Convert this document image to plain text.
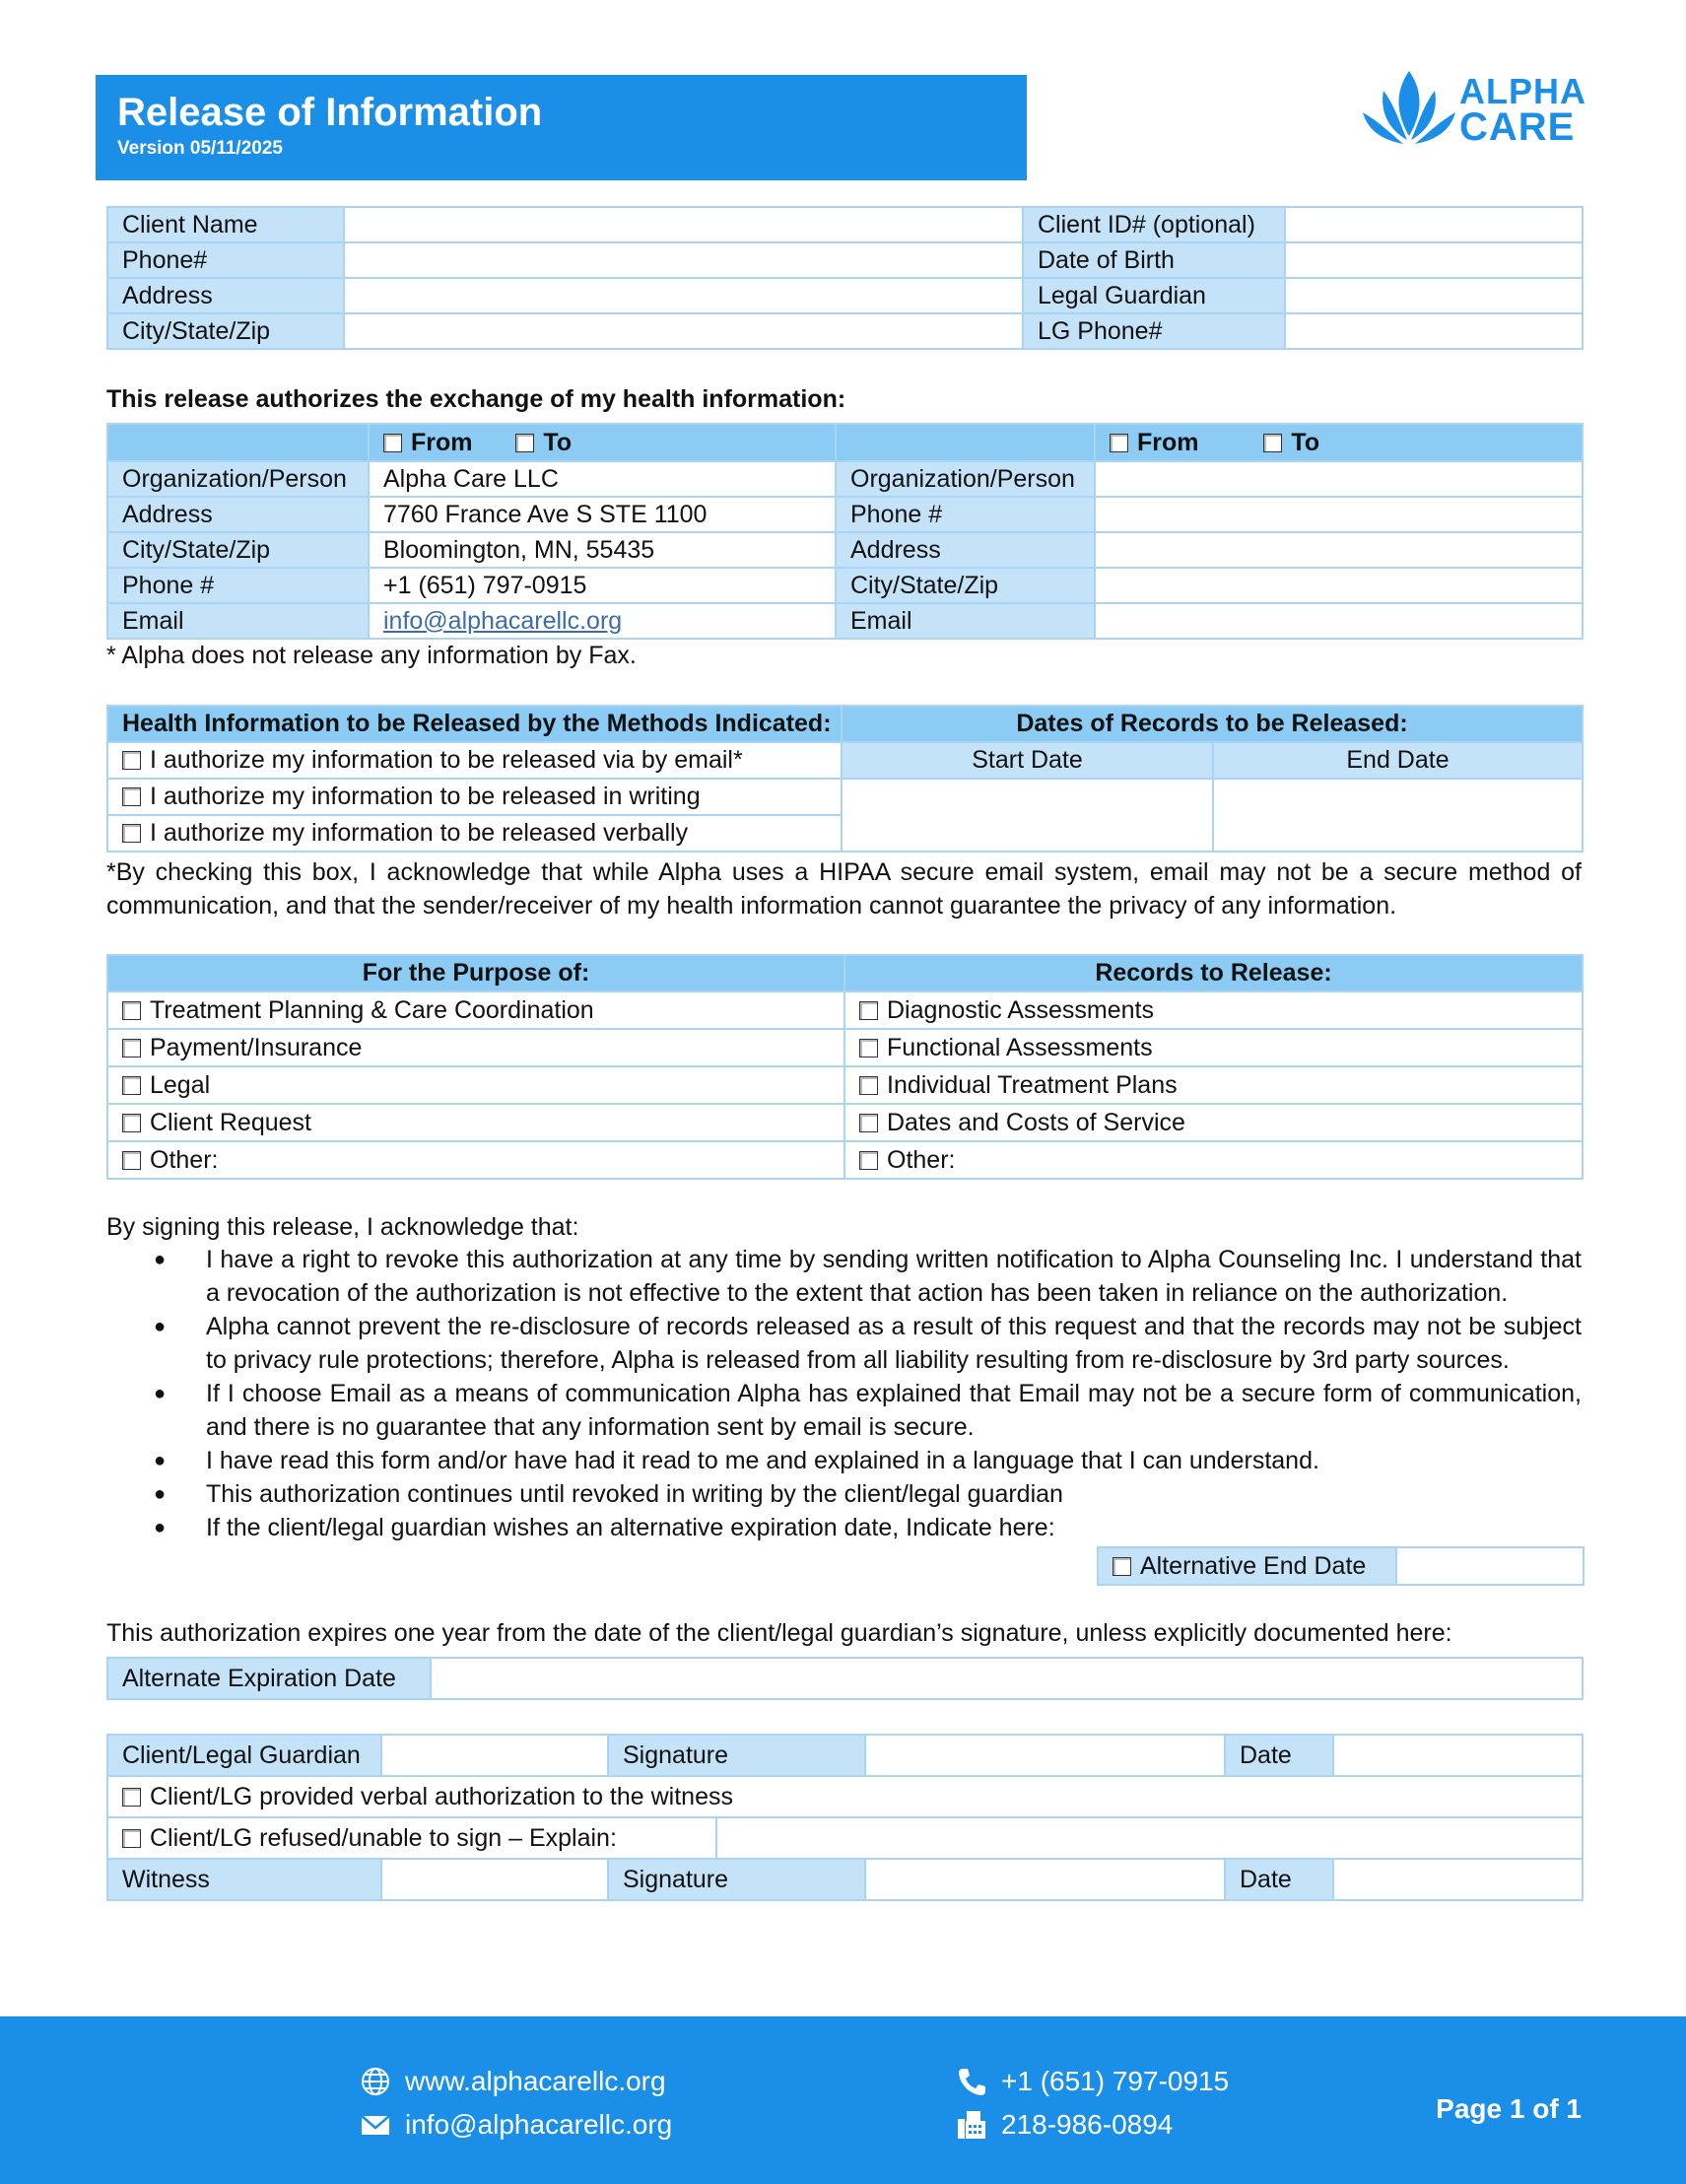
Release of Information
Version 05/11/2025
ALPHA
CARE
Client Name		Client ID# (optional)	
Phone#		Date of Birth	
Address		Legal Guardian	
City/State/Zip		LG Phone#	
This release authorizes the exchange of my health information:
	From To		From To
Organization/Person	Alpha Care LLC	Organization/Person	
Address	7760 France Ave S STE 1100	Phone #	
City/State/Zip	Bloomington, MN, 55435	Address	
Phone #	+1 (651) 797-0915	City/State/Zip	
Email	info@alphacarellc.org	Email	
* Alpha does not release any information by Fax.
Health Information to be Released by the Methods Indicated:	Dates of Records to be Released:	
I authorize my information to be released via by email*	Start Date	End Date
I authorize my information to be released in writing		
I authorize my information to be released verbally		
*By checking this box, I acknowledge that while Alpha uses a HIPAA secure email system, email may not be a secure method of communication, and that the sender/receiver of my health information cannot guarantee the privacy of any information.
For the Purpose of:	Records to Release:
Treatment Planning & Care Coordination	Diagnostic Assessments
Payment/Insurance	Functional Assessments
Legal	Individual Treatment Plans
Client Request	Dates and Costs of Service
Other:	Other:
By signing this release, I acknowledge that:
● I have a right to revoke this authorization at any time by sending written notification to Alpha Counseling Inc. I understand that a revocation of the authorization is not effective to the extent that action has been taken in reliance on the authorization.
● Alpha cannot prevent the re-disclosure of records released as a result of this request and that the records may not be subject to privacy rule protections; therefore, Alpha is released from all liability resulting from re-disclosure by 3rd party sources.
● If I choose Email as a means of communication Alpha has explained that Email may not be a secure form of communication, and there is no guarantee that any information sent by email is secure.
● I have read this form and/or have had it read to me and explained in a language that I can understand.
● This authorization continues until revoked in writing by the client/legal guardian
● If the client/legal guardian wishes an alternative expiration date, Indicate here:
Alternative End Date	
This authorization expires one year from the date of the client/legal guardian’s signature, unless explicitly documented here:
Alternate Expiration Date	
Client/Legal Guardian		Signature			Date	
Client/LG provided verbal authorization to the witness						
Client/LG refused/unable to sign – Explain:						
Witness		Signature			Date	
www.alphacarellc.org
info@alphacarellc.org
+1 (651) 797-0915
218-986-0894
Page 1 of 1
